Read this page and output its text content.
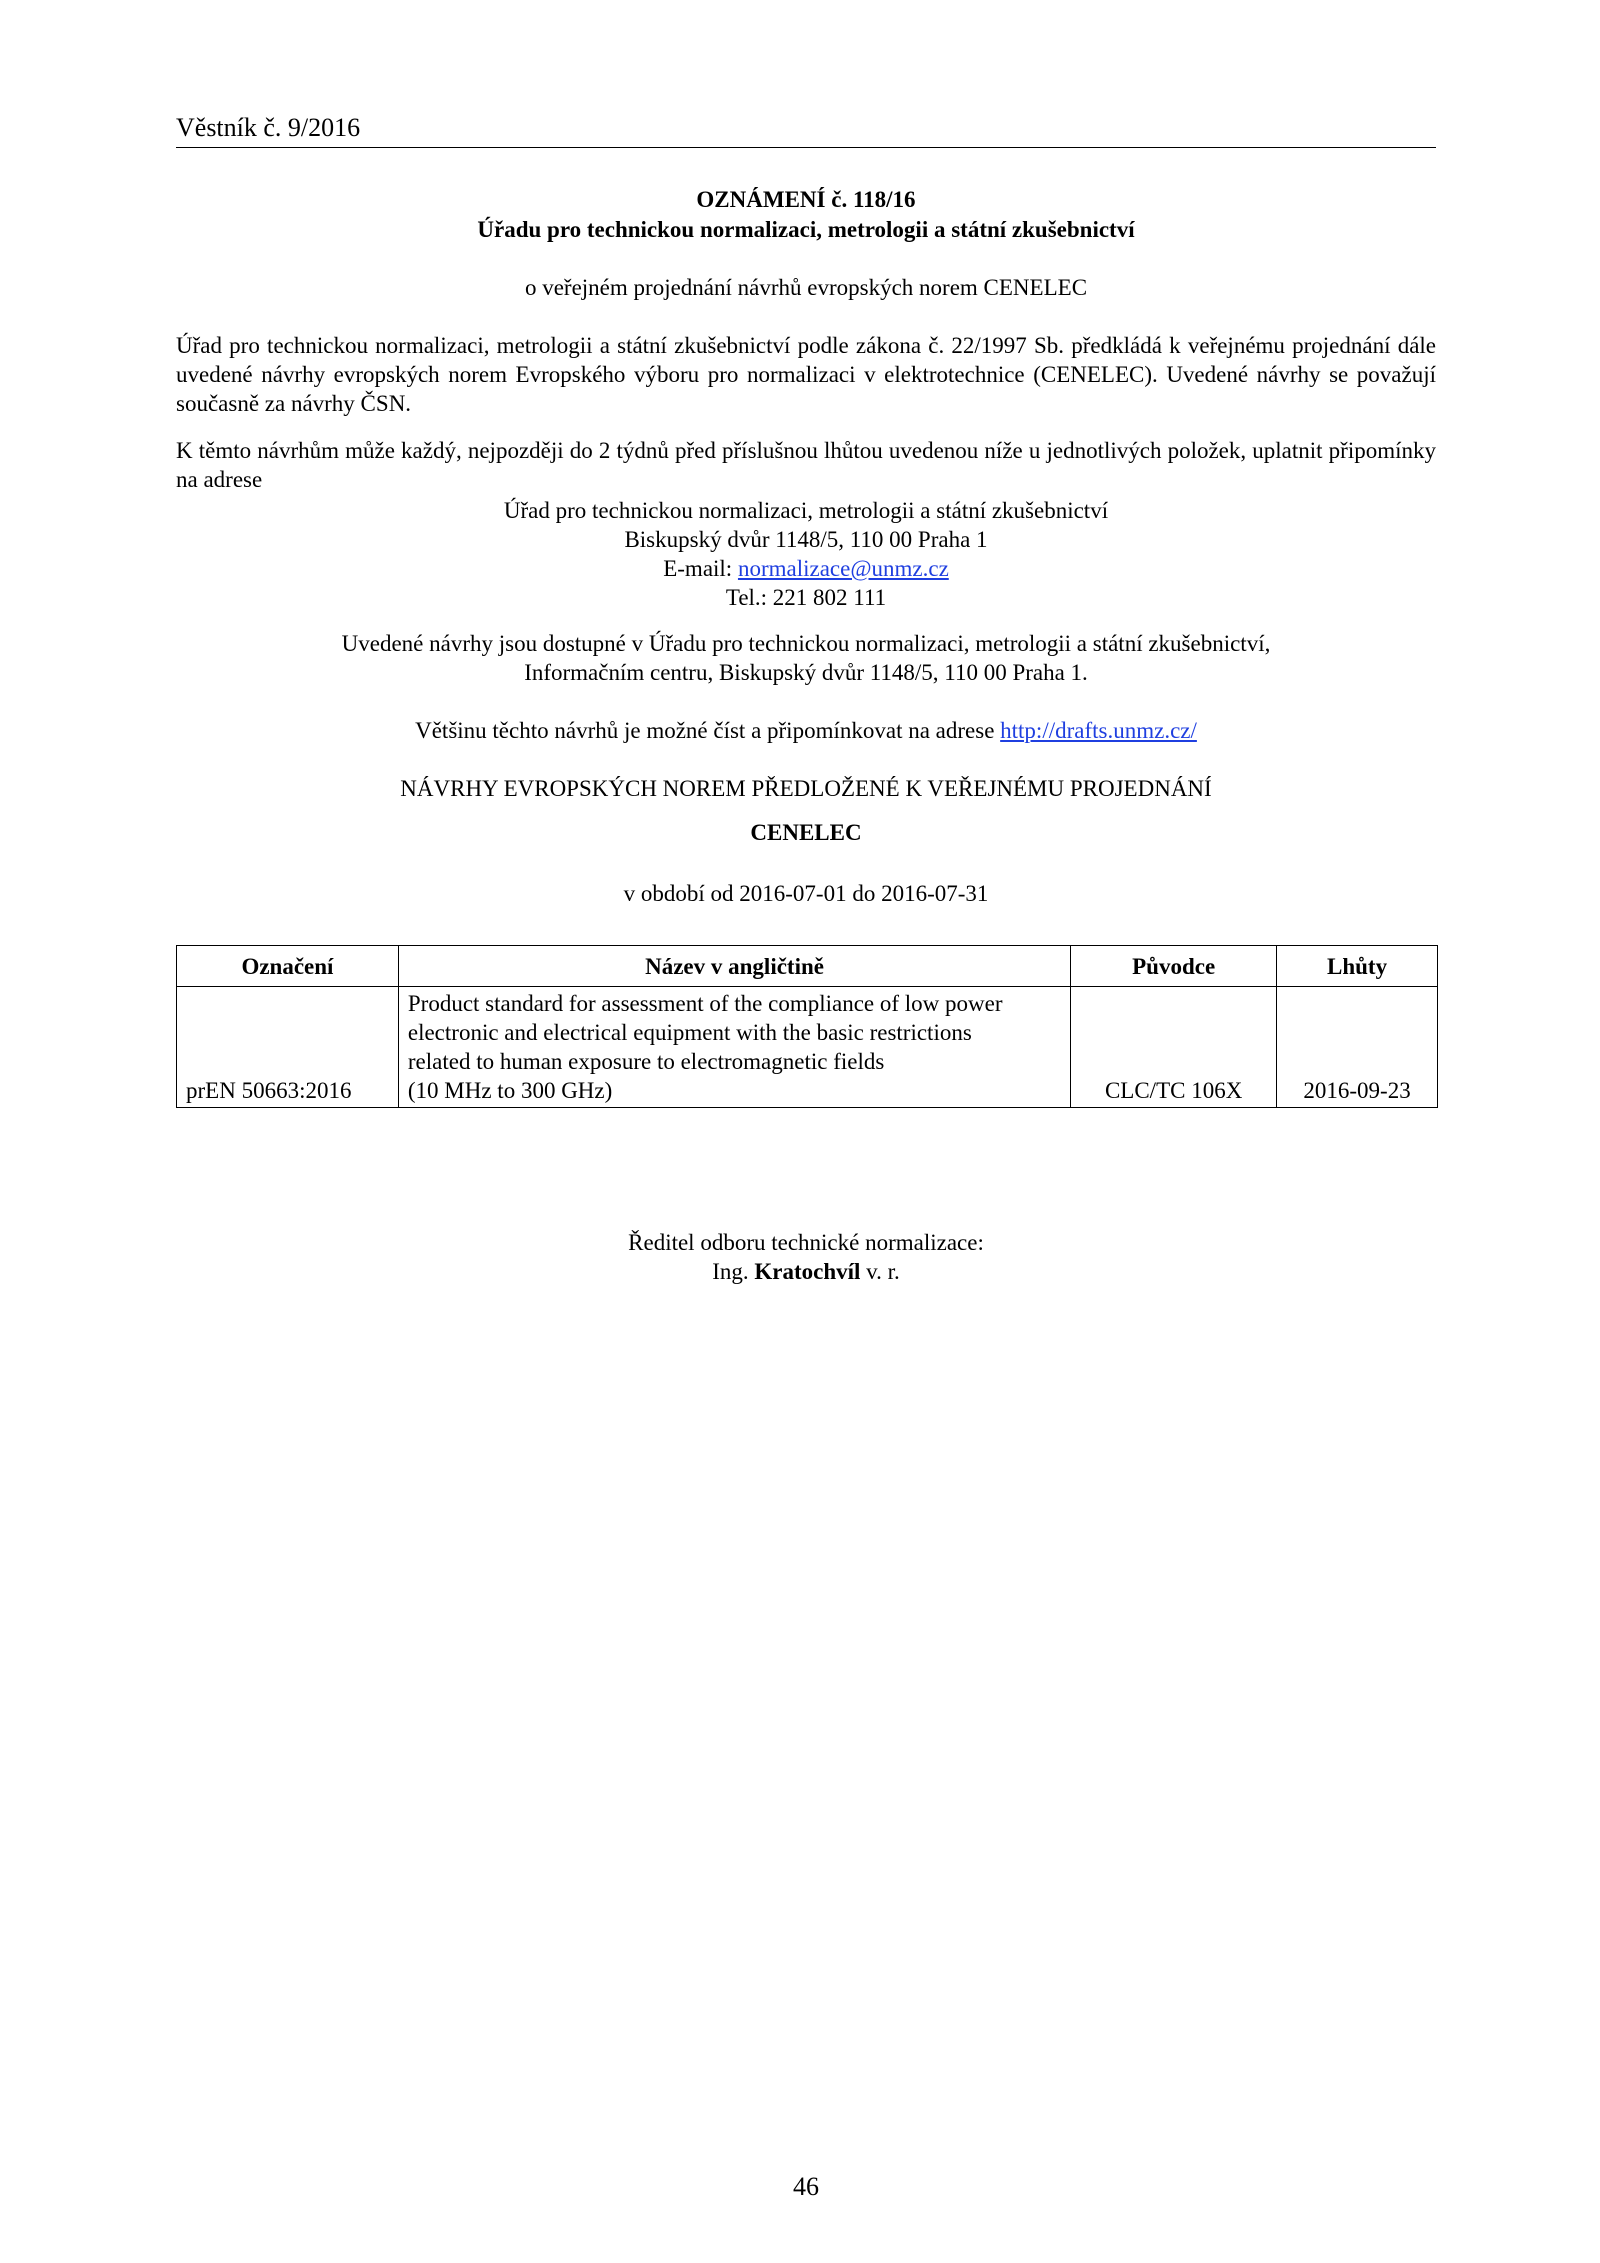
Věstník č. 9/2016
OZNÁMENÍ č. 118/16
Úřadu pro technickou normalizaci, metrologii a státní zkušebnictví
o veřejném projednání návrhů evropských norem CENELEC
Úřad pro technickou normalizaci, metrologii a státní zkušebnictví podle zákona č. 22/1997 Sb. předkládá k veřejnému projednání dále uvedené návrhy evropských norem Evropského výboru pro normalizaci v elektrotechnice (CENELEC). Uvedené návrhy se považují současně za návrhy ČSN.
K těmto návrhům může každý, nejpozději do 2 týdnů před příslušnou lhůtou uvedenou níže u jednotlivých položek, uplatnit připomínky na adrese
Úřad pro technickou normalizaci, metrologii a státní zkušebnictví
Biskupský dvůr 1148/5, 110 00 Praha 1
E-mail: normalizace@unmz.cz
Tel.: 221 802 111
Uvedené návrhy jsou dostupné v Úřadu pro technickou normalizaci, metrologii a státní zkušebnictví,
Informačním centru, Biskupský dvůr 1148/5, 110 00 Praha 1.
Většinu těchto návrhů je možné číst a připomínkovat na adrese http://drafts.unmz.cz/
NÁVRHY EVROPSKÝCH NOREM PŘEDLOŽENÉ K VEŘEJNÉMU PROJEDNÁNÍ
CENELEC
v období od 2016-07-01 do 2016-07-31
Označení	Název v angličtině	Původce	Lhůty
prEN 50663:2016	Product standard for assessment of the compliance of low power
electronic and electrical equipment with the basic restrictions
related to human exposure to electromagnetic fields
(10 MHz to 300 GHz)	CLC/TC 106X	2016-09-23
Ředitel odboru technické normalizace:
Ing. Kratochvíl v. r.
46
